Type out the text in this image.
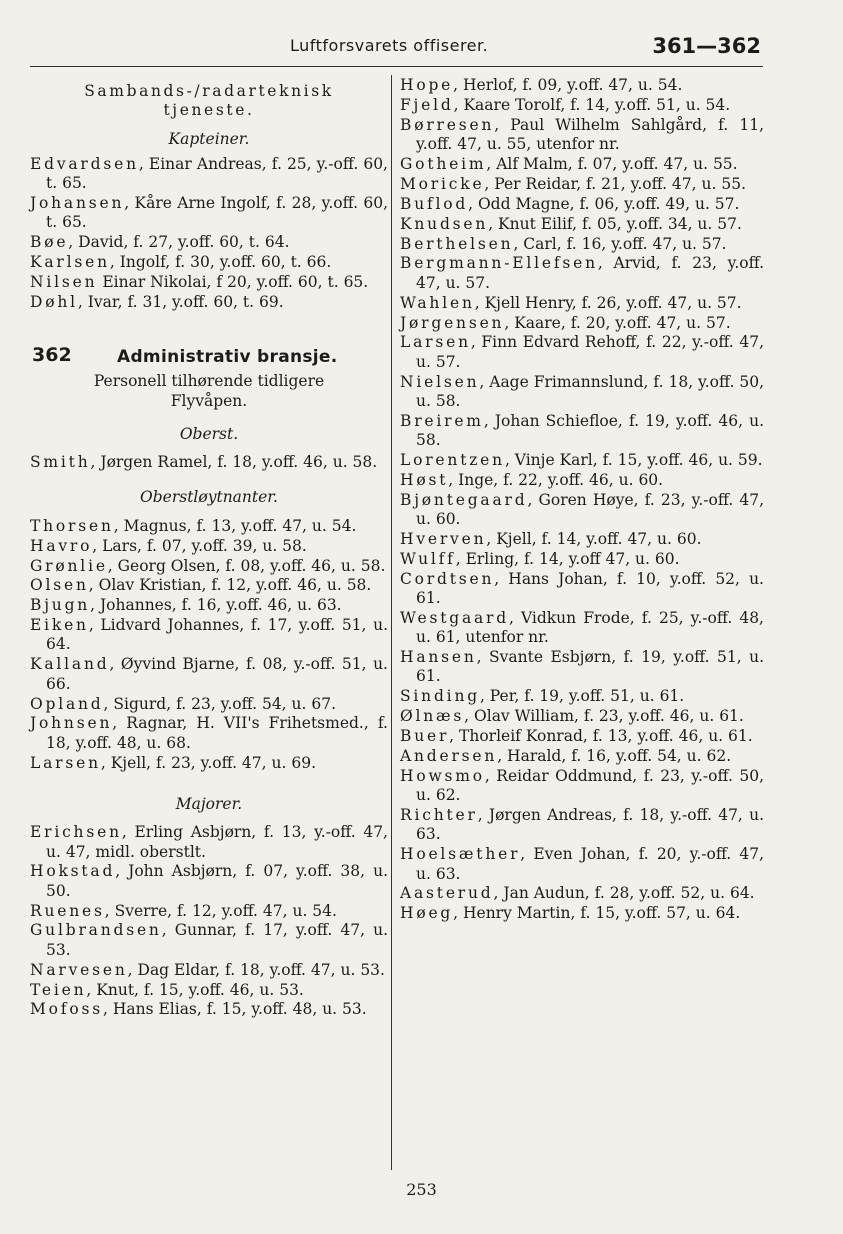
Luftforsvarets offiserer.	361—362

Sambands-/radarteknisk

tjeneste.

Kapteiner.

Edvardsen, Einar Andreas, f. 25, y.-off. 60, t. 65.

Johansen, Kåre Arne Ingolf, f. 28, y.off. 60, t. 65.

Bøe, David, f. 27, y.off. 60, t. 64.

Karlsen, Ingolf, f. 30, y.off. 60, t. 66.

Nilsen Einar Nikolai, f 20, y.off. 60, t. 65.

Døhl, Ivar, f. 31, y.off. 60, t. 69.

362	Administrativ bransje.

Personell tilhørende tidligere

Flyvåpen.

Oberst.

Smith, Jørgen Ramel, f. 18, y.off. 46, u. 58.

Oberstløytnanter.

Thorsen, Magnus, f. 13, y.off. 47, u. 54.

Havro, Lars, f. 07, y.off. 39, u. 58.

Grønlie, Georg Olsen, f. 08, y.off. 46, u. 58.

Olsen, Olav Kristian, f. 12, y.off. 46, u. 58.

Bjugn, Johannes, f. 16, y.off. 46, u. 63.

Eiken, Lidvard Johannes, f. 17, y.off. 51, u. 64.

Kalland, Øyvind Bjarne, f. 08, y.-off. 51, u. 66.

Opland, Sigurd, f. 23, y.off. 54, u. 67.

Johnsen, Ragnar, H. VII's Frihetsmed., f. 18, y.off. 48, u. 68.

Larsen, Kjell, f. 23, y.off. 47, u. 69.

Majorer.

Erichsen, Erling Asbjørn, f. 13, y.-off. 47, u. 47, midl. oberstlt.

Hokstad, John Asbjørn, f. 07, y.off. 38, u. 50.

Ruenes, Sverre, f. 12, y.off. 47, u. 54.

Gulbrandsen, Gunnar, f. 17, y.off. 47, u. 53.

Narvesen, Dag Eldar, f. 18, y.off. 47, u. 53.

Teien, Knut, f. 15, y.off. 46, u. 53.

Mofoss, Hans Elias, f. 15, y.off. 48, u. 53.

Hope, Herlof, f. 09, y.off. 47, u. 54.

Fjeld, Kaare Torolf, f. 14, y.off. 51, u. 54.

Børresen, Paul Wilhelm Sahlgård, f. 11, y.off. 47, u. 55, utenfor nr.

Gotheim, Alf Malm, f. 07, y.off. 47, u. 55.

Moricke, Per Reidar, f. 21, y.off. 47, u. 55.

Buflod, Odd Magne, f. 06, y.off. 49, u. 57.

Knudsen, Knut Eilif, f. 05, y.off. 34, u. 57.

Berthelsen, Carl, f. 16, y.off. 47, u. 57.

Bergmann-Ellefsen, Arvid, f. 23, y.off. 47, u. 57.

Wahlen, Kjell Henry, f. 26, y.off. 47, u. 57.

Jørgensen, Kaare, f. 20, y.off. 47, u. 57.

Larsen, Finn Edvard Rehoff, f. 22, y.-off. 47, u. 57.

Nielsen, Aage Frimannslund, f. 18, y.off. 50, u. 58.

Breirem, Johan Schiefloe, f. 19, y.off. 46, u. 58.

Lorentzen, Vinje Karl, f. 15, y.off. 46, u. 59.

Høst, Inge, f. 22, y.off. 46, u. 60.

Bjøntegaard, Goren Høye, f. 23, y.-off. 47, u. 60.

Hverven, Kjell, f. 14, y.off. 47, u. 60.

Wulff, Erling, f. 14, y.off 47, u. 60.

Cordtsen, Hans Johan, f. 10, y.off. 52, u. 61.

Westgaard, Vidkun Frode, f. 25, y.-off. 48, u. 61, utenfor nr.

Hansen, Svante Esbjørn, f. 19, y.off. 51, u. 61.

Sinding, Per, f. 19, y.off. 51, u. 61.

Ølnæs, Olav William, f. 23, y.off. 46, u. 61.

Buer, Thorleif Konrad, f. 13, y.off. 46, u. 61.

Andersen, Harald, f. 16, y.off. 54, u. 62.

Howsmo, Reidar Oddmund, f. 23, y.-off. 50, u. 62.

Richter, Jørgen Andreas, f. 18, y.-off. 47, u. 63.

Hoelsæther, Even Johan, f. 20, y.-off. 47, u. 63.

Aasterud, Jan Audun, f. 28, y.off. 52, u. 64.

Høeg, Henry Martin, f. 15, y.off. 57, u. 64.

253
